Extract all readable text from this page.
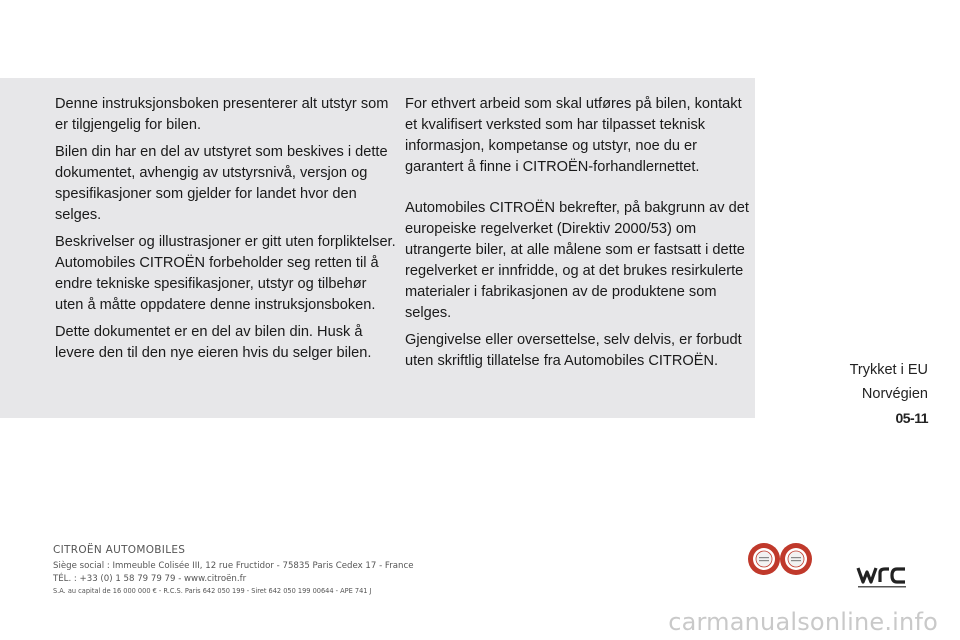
Denne instruksjonsboken presenterer alt utstyr som er tilgjengelig for bilen.

Bilen din har en del av utstyret som beskives i dette dokumentet, avhengig av utstyrsnivå, versjon og spesifikasjoner som gjelder for landet hvor den selges.

Beskrivelser og illustrasjoner er gitt uten forpliktelser. Automobiles CITROËN forbeholder seg retten til å endre tekniske spesifikasjoner, utstyr og tilbehør uten å måtte oppdatere denne instruksjonsboken.

Dette dokumentet er en del av bilen din. Husk å levere den til den nye eieren hvis du selger bilen.

For ethvert arbeid som skal utføres på bilen, kontakt et kvalifisert verksted som har tilpasset teknisk informasjon, kompetanse og utstyr, noe du er garantert å finne i CITROËN-forhandlernettet.

Automobiles CITROËN bekrefter, på bakgrunn av det europeiske regelverket (Direktiv 2000/53) om utrangerte biler, at alle målene som er fastsatt i dette regelverket er innfridde, og at det brukes resirkulerte materialer i fabrikasjonen av de produktene som selges.

Gjengivelse eller oversettelse, selv delvis, er forbudt uten skriftlig tillatelse fra Automobiles CITROËN.

Trykket i EU
Norvégien
05-11
CITROËN AUTOMOBILES
Siège social : Immeuble Colisée III, 12 rue Fructidor - 75835 Paris Cedex 17 - France
TÉL. : +33 (0) 1 58 79 79 79 - www.citroën.fr
S.A. au capital de 16 000 000 € - R.C.S. Paris 642 050 199 - Siret 642 050 199 00644 - APE 741 J
carmanualsonline.info
